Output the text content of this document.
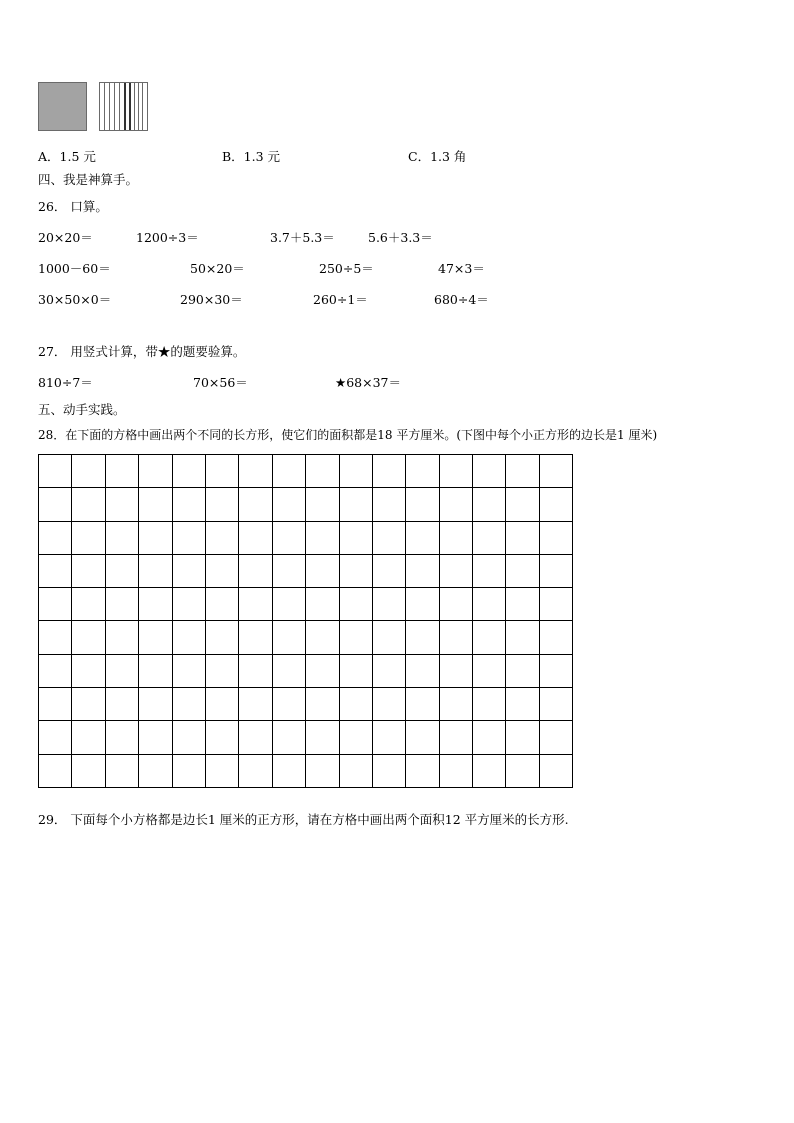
A．1.5 元	B．1.3 元	C．1.3 角
四、我是神算手。
26． 口算。
20×20＝	1200÷3＝	3.7＋5.3＝	5.6＋3.3＝
1000－60＝	50×20＝	250÷5＝	47×3＝
30×50×0＝	290×30＝	260÷1＝	680÷4＝
27． 用竖式计算，带★的题要验算。
810÷7＝	70×56＝	★68×37＝
五、动手实践。
28．在下面的方格中画出两个不同的长方形，使它们的面积都是18 平方厘米。(下图中每个小正方形的边长是1 厘米)

29． 下面每个小方格都是边长1 厘米的正方形，请在方格中画出两个面积12 平方厘米的长方形.
